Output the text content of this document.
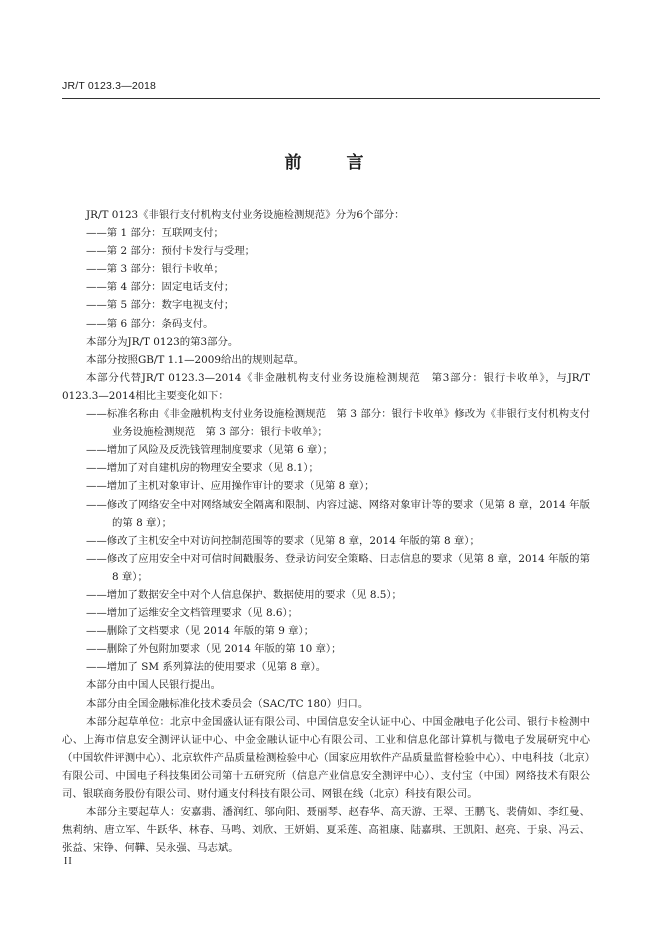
JR/T 0123.3—2018
前　言

JR/T 0123《非银行支付机构支付业务设施检测规范》分为6个部分：

——第 1 部分：互联网支付；

——第 2 部分：预付卡发行与受理；

——第 3 部分：银行卡收单；

——第 4 部分：固定电话支付；

——第 5 部分：数字电视支付；

——第 6 部分：条码支付。

本部分为JR/T 0123的第3部分。

本部分按照GB/T 1.1—2009给出的规则起草。

本部分代替JR/T 0123.3—2014《非金融机构支付业务设施检测规范　第3部分：银行卡收单》，与JR/T 0123.3—2014相比主要变化如下：

——标准名称由《非金融机构支付业务设施检测规范　第 3 部分：银行卡收单》修改为《非银行支付机构支付业务设施检测规范　第 3 部分：银行卡收单》；

——增加了风险及反洗钱管理制度要求（见第 6 章）；

——增加了对自建机房的物理安全要求（见 8.1）；

——增加了主机对象审计、应用操作审计的要求（见第 8 章）；

——修改了网络安全中对网络域安全隔离和限制、内容过滤、网络对象审计等的要求（见第 8 章，2014 年版的第 8 章）；

——修改了主机安全中对访问控制范围等的要求（见第 8 章，2014 年版的第 8 章）；

——修改了应用安全中对可信时间戳服务、登录访问安全策略、日志信息的要求（见第 8 章，2014 年版的第 8 章）；

——增加了数据安全中对个人信息保护、数据使用的要求（见 8.5）；

——增加了运维安全文档管理要求（见 8.6）；

——删除了文档要求（见 2014 年版的第 9 章）；

——删除了外包附加要求（见 2014 年版的第 10 章）；

——增加了 SM 系列算法的使用要求（见第 8 章）。

本部分由中国人民银行提出。

本部分由全国金融标准化技术委员会（SAC/TC 180）归口。

本部分起草单位：北京中金国盛认证有限公司、中国信息安全认证中心、中国金融电子化公司、银行卡检测中心、上海市信息安全测评认证中心、中金金融认证中心有限公司、工业和信息化部计算机与微电子发展研究中心（中国软件评测中心）、北京软件产品质量检测检验中心（国家应用软件产品质量监督检验中心）、中电科技（北京）有限公司、中国电子科技集团公司第十五研究所（信息产业信息安全测评中心）、支付宝（中国）网络技术有限公司、银联商务股份有限公司、财付通支付科技有限公司、网银在线（北京）科技有限公司。

本部分主要起草人：安嘉翡、潘润红、邬向阳、聂丽琴、赵春华、高天游、王翠、王鹏飞、裴倩如、李红曼、焦莉纳、唐立军、牛跃华、林春、马鸣、刘欣、王妍娟、夏采莲、高祖康、陆嘉琪、王凯阳、赵亮、于泉、冯云、张益、宋铮、何鞾、吴永强、马志斌。

II
